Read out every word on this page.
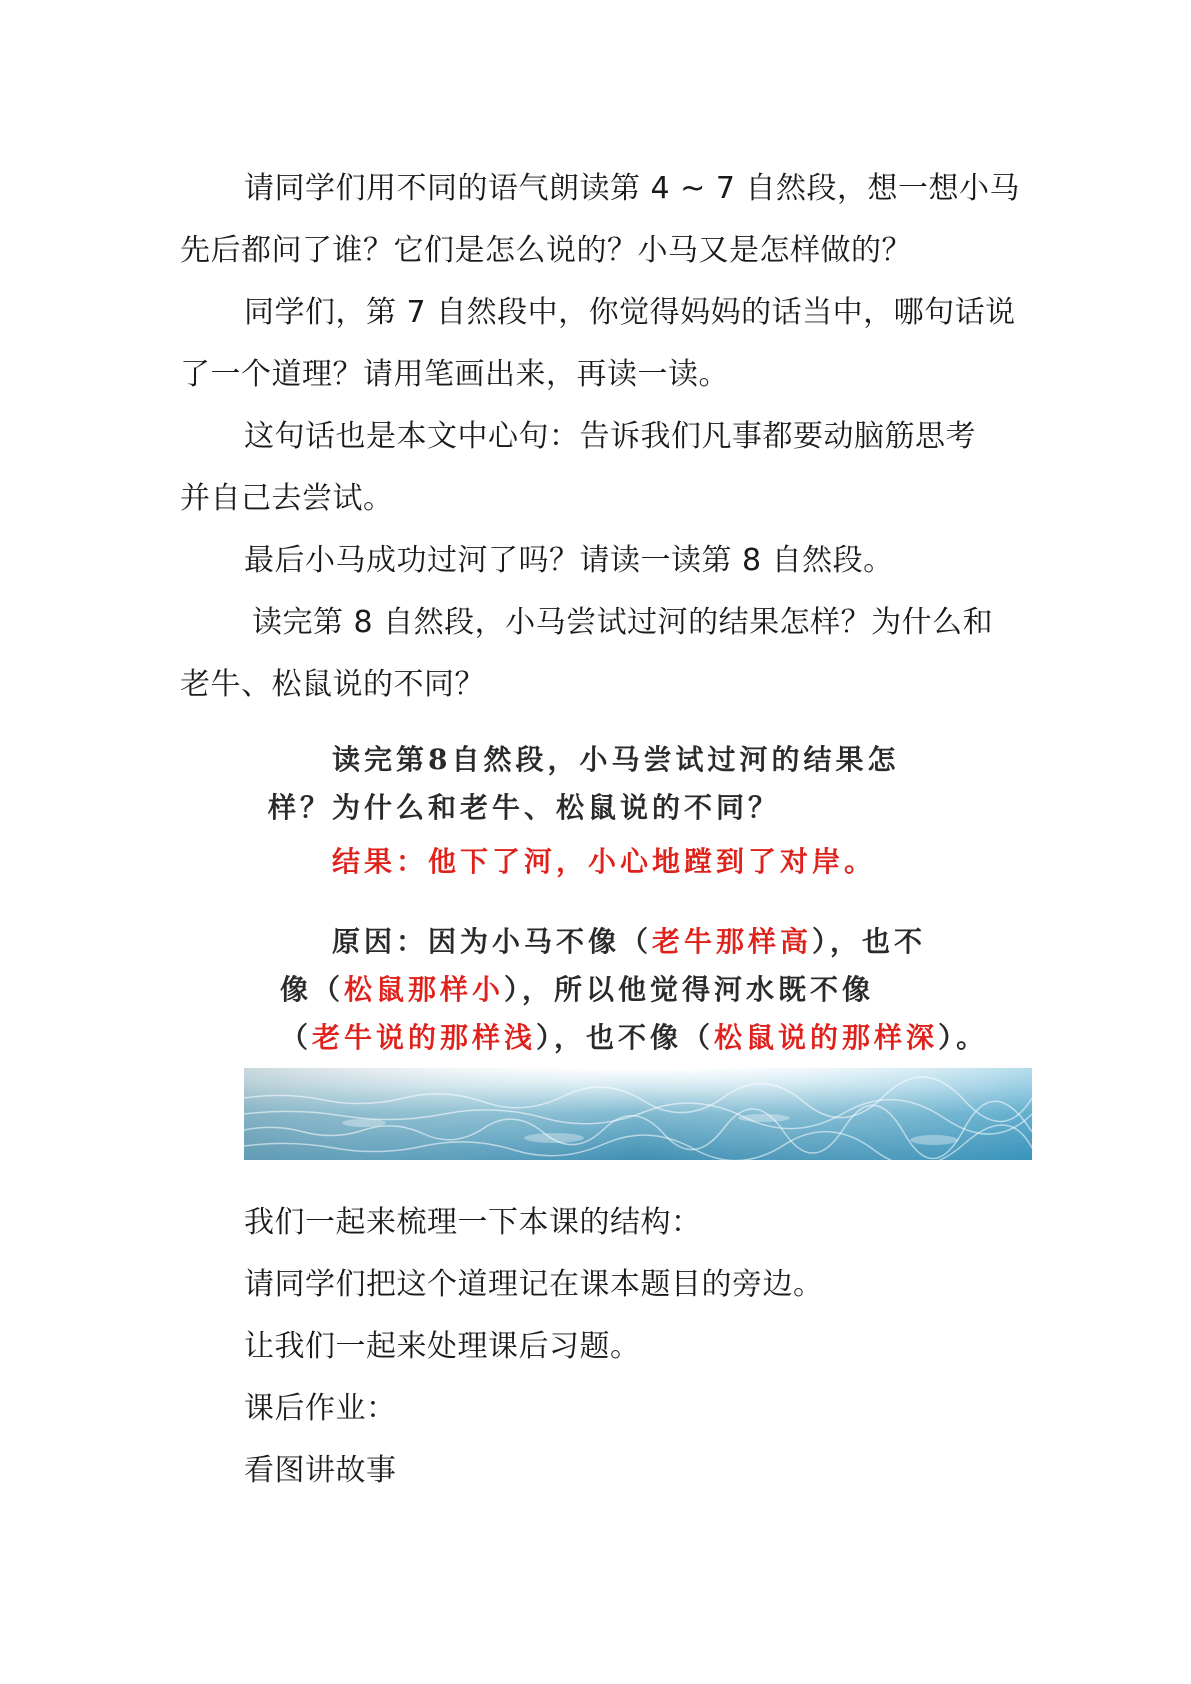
请同学们用不同的语气朗读第 4 ~ 7 自然段，想一想小马先后都问了谁？它们是怎么说的？小马又是怎样做的？
同学们，第 7 自然段中，你觉得妈妈的话当中，哪句话说了一个道理？请用笔画出来，再读一读。
这句话也是本文中心句：告诉我们凡事都要动脑筋思考并自己去尝试。
最后小马成功过河了吗？请读一读第 8 自然段。
读完第 8 自然段，小马尝试过河的结果怎样？为什么和老牛、松鼠说的不同？
读完第8自然段，小马尝试过河的结果怎
样？为什么和老牛、松鼠说的不同？
结果：他下了河，小心地蹚到了对岸。
原因：因为小马不像（老牛那样高），也不
像（松鼠那样小），所以他觉得河水既不像
（老牛说的那样浅），也不像（松鼠说的那样深）。
我们一起来梳理一下本课的结构：
请同学们把这个道理记在课本题目的旁边。
让我们一起来处理课后习题。
课后作业：
看图讲故事
